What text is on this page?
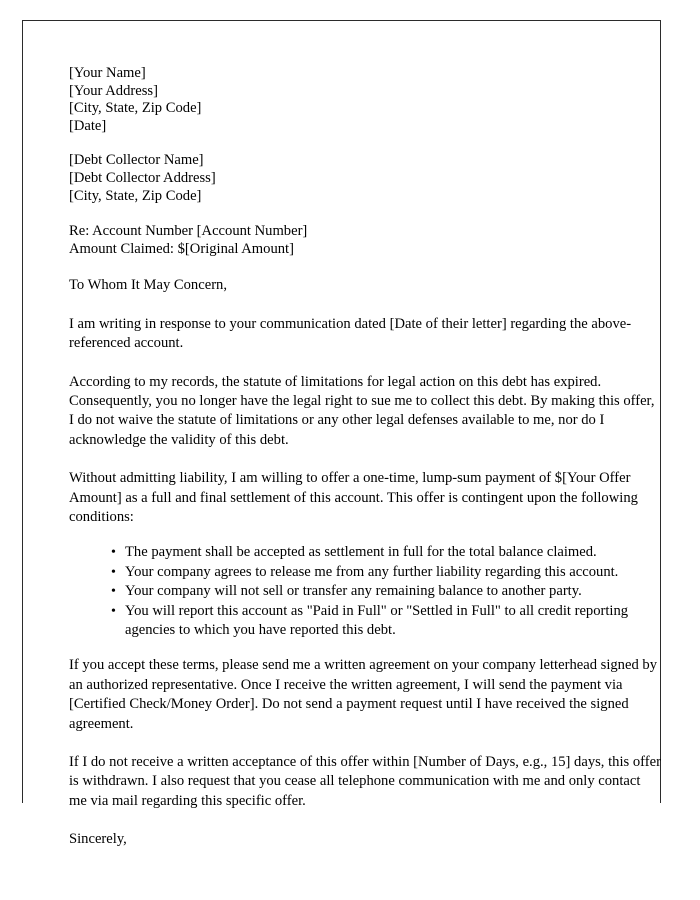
[Your Name]
[Your Address]
[City, State, Zip Code]
[Date]
[Debt Collector Name]
[Debt Collector Address]
[City, State, Zip Code]
Re: Account Number [Account Number]
Amount Claimed: $[Original Amount]

To Whom It May Concern,

I am writing in response to your communication dated [Date of their letter] regarding the above-referenced account.

According to my records, the statute of limitations for legal action on this debt has expired. Consequently, you no longer have the legal right to sue me to collect this debt. By making this offer, I do not waive the statute of limitations or any other legal defenses available to me, nor do I acknowledge the validity of this debt.

Without admitting liability, I am willing to offer a one-time, lump-sum payment of $[Your Offer Amount] as a full and final settlement of this account. This offer is contingent upon the following conditions:

• The payment shall be accepted as settlement in full for the total balance claimed.
• Your company agrees to release me from any further liability regarding this account.
• Your company will not sell or transfer any remaining balance to another party.
• You will report this account as "Paid in Full" or "Settled in Full" to all credit reporting agencies to which you have reported this debt.

If you accept these terms, please send me a written agreement on your company letterhead signed by an authorized representative. Once I receive the written agreement, I will send the payment via [Certified Check/Money Order]. Do not send a payment request until I have received the signed agreement.

If I do not receive a written acceptance of this offer within [Number of Days, e.g., 15] days, this offer is withdrawn. I also request that you cease all telephone communication with me and only contact me via mail regarding this specific offer.

Sincerely,
